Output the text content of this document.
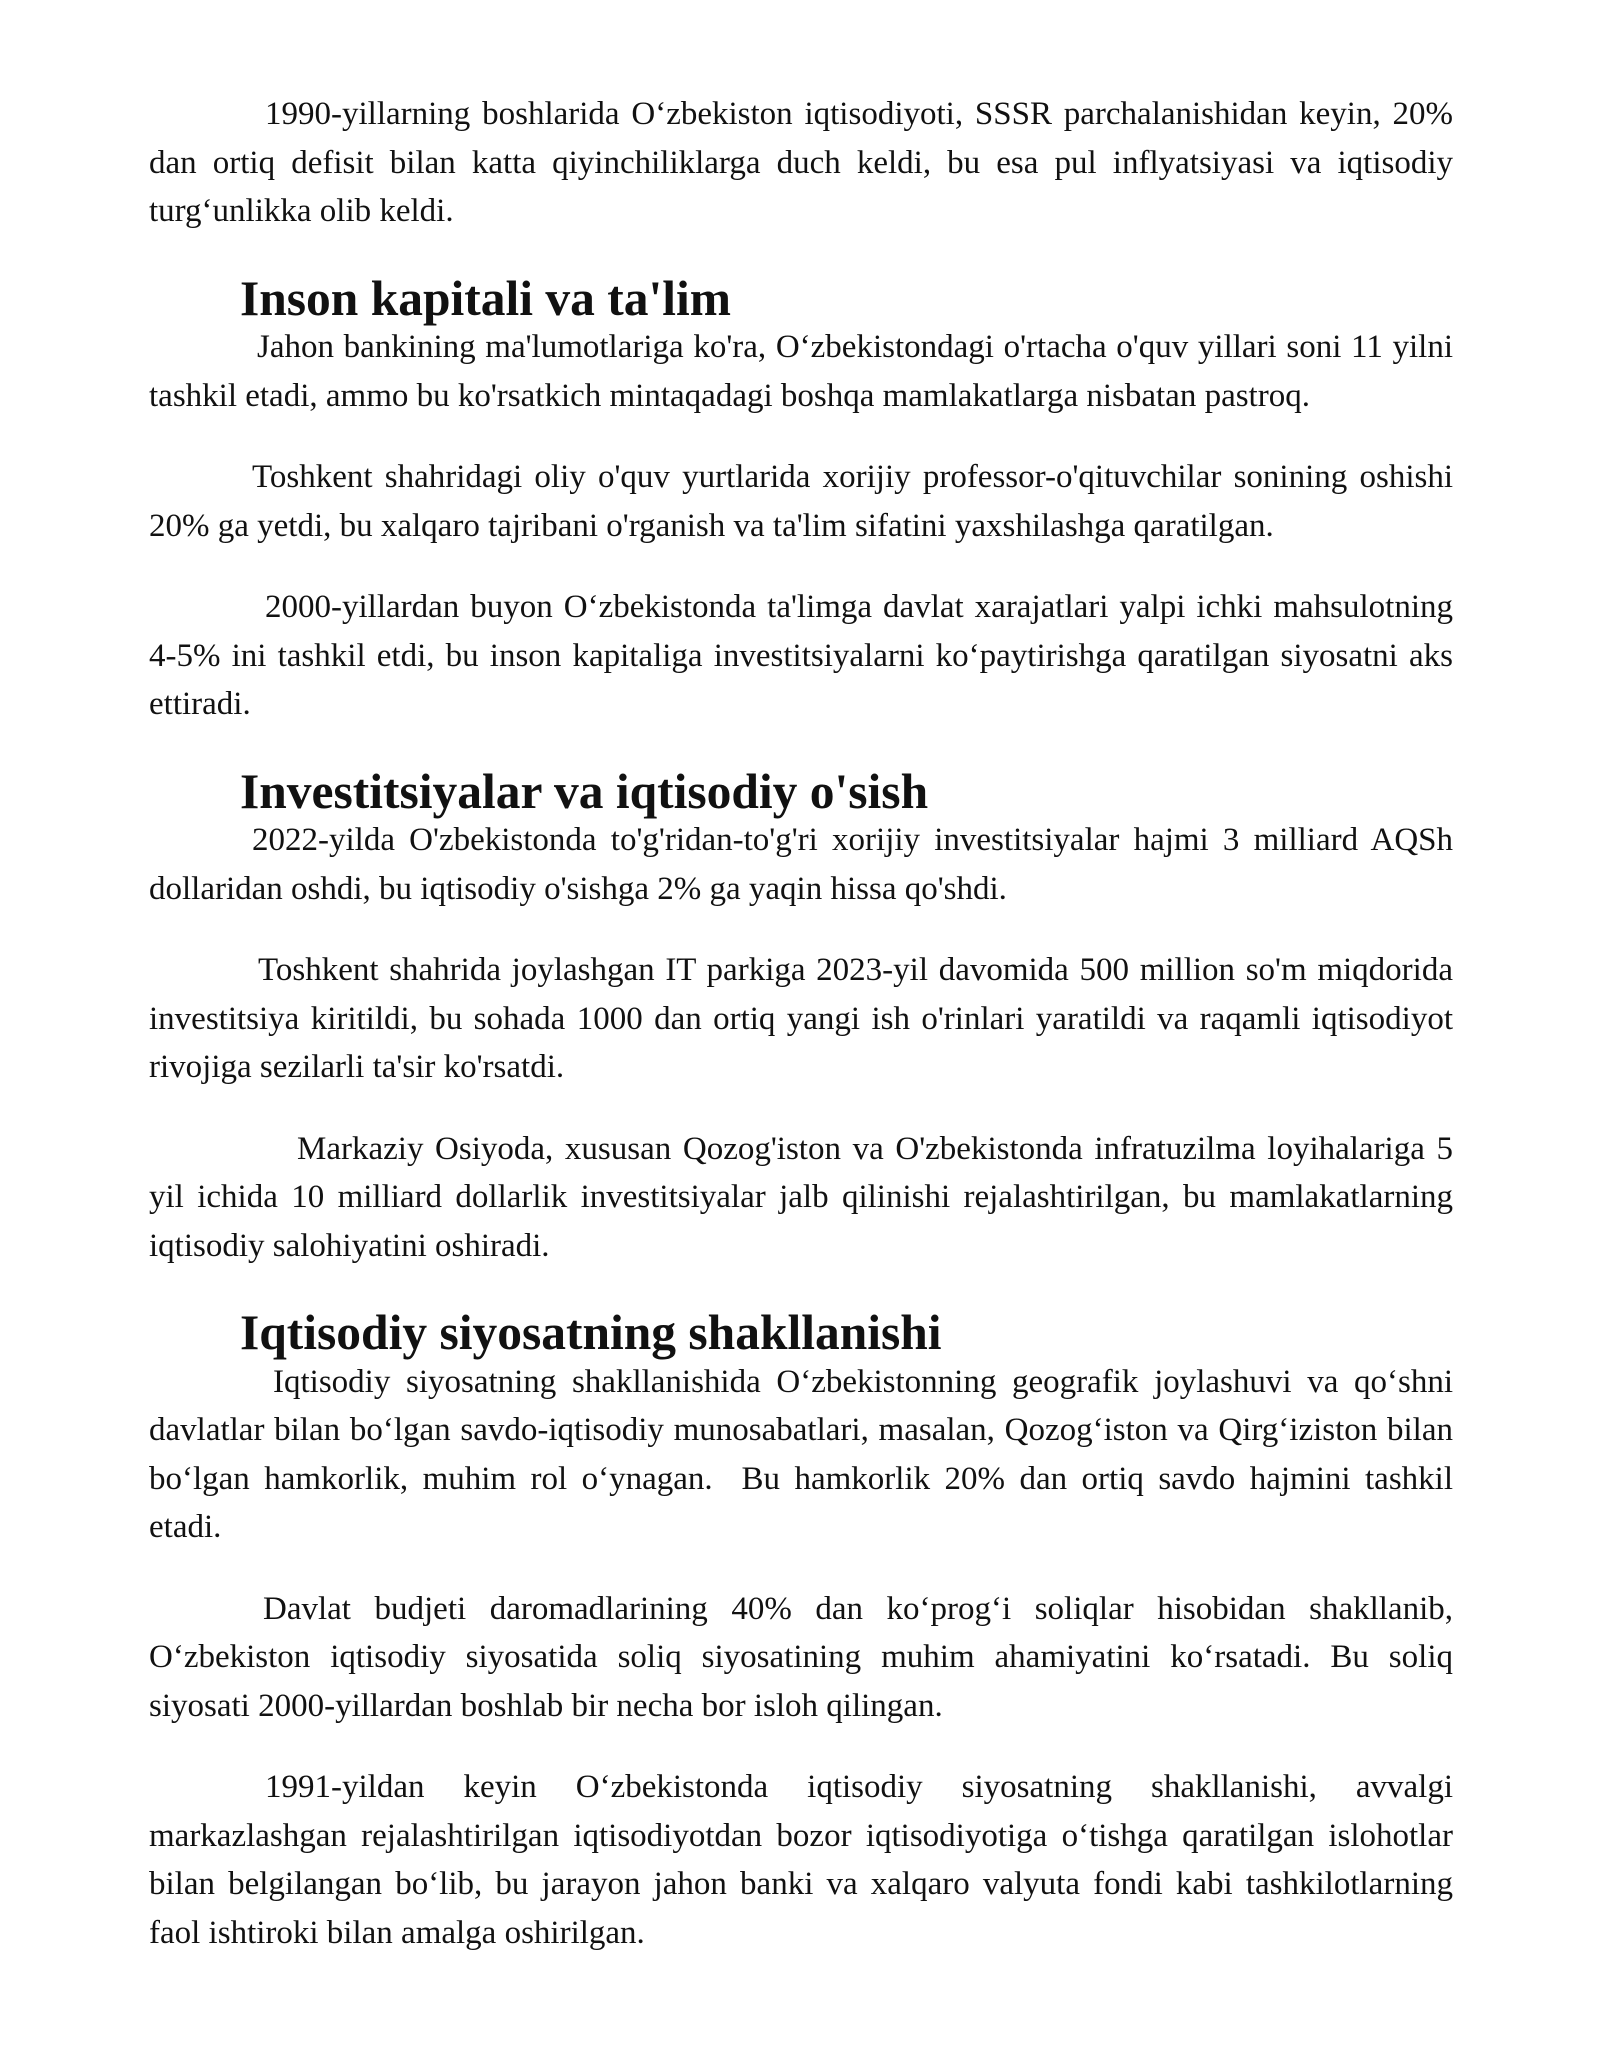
1990-yillarning boshlarida O‘zbekiston iqtisodiyoti, SSSR parchalanishidan keyin, 20% dan ortiq defisit bilan katta qiyinchiliklarga duch keldi, bu esa pul inflyatsiyasi va iqtisodiy turg‘unlikka olib keldi.

Inson kapitali va ta'lim

Jahon bankining ma'lumotlariga ko'ra, O‘zbekistondagi o'rtacha o'quv yillari soni 11 yilni tashkil etadi, ammo bu ko'rsatkich mintaqadagi boshqa mamlakatlarga nisbatan pastroq.

Toshkent shahridagi oliy o'quv yurtlarida xorijiy professor-o'qituvchilar sonining oshishi 20% ga yetdi, bu xalqaro tajribani o'rganish va ta'lim sifatini yaxshilashga qaratilgan.

2000-yillardan buyon O‘zbekistonda ta'limga davlat xarajatlari yalpi ichki mahsulotning 4-5% ini tashkil etdi, bu inson kapitaliga investitsiyalarni ko‘paytirishga qaratilgan siyosatni aks ettiradi.

Investitsiyalar va iqtisodiy o'sish

2022-yilda O'zbekistonda to'g'ridan-to'g'ri xorijiy investitsiyalar hajmi 3 milliard AQSh dollaridan oshdi, bu iqtisodiy o'sishga 2% ga yaqin hissa qo'shdi.

Toshkent shahrida joylashgan IT parkiga 2023-yil davomida 500 million so'm miqdorida investitsiya kiritildi, bu sohada 1000 dan ortiq yangi ish o'rinlari yaratildi va raqamli iqtisodiyot rivojiga sezilarli ta'sir ko'rsatdi.

Markaziy Osiyoda, xususan Qozog'iston va O'zbekistonda infratuzilma loyihalariga 5 yil ichida 10 milliard dollarlik investitsiyalar jalb qilinishi rejalashtirilgan, bu mamlakatlarning iqtisodiy salohiyatini oshiradi.

Iqtisodiy siyosatning shakllanishi

Iqtisodiy siyosatning shakllanishida O‘zbekistonning geografik joylashuvi va qo‘shni davlatlar bilan bo‘lgan savdo-iqtisodiy munosabatlari, masalan, Qozog‘iston va Qirg‘iziston bilan bo‘lgan hamkorlik, muhim rol o‘ynagan.  Bu hamkorlik 20% dan ortiq savdo hajmini tashkil etadi.

Davlat budjeti daromadlarining 40% dan ko‘prog‘i soliqlar hisobidan shakllanib, O‘zbekiston iqtisodiy siyosatida soliq siyosatining muhim ahamiyatini ko‘rsatadi. Bu soliq siyosati 2000-yillardan boshlab bir necha bor isloh qilingan.

1991-yildan keyin O‘zbekistonda iqtisodiy siyosatning shakllanishi, avvalgi markazlashgan rejalashtirilgan iqtisodiyotdan bozor iqtisodiyotiga o‘tishga qaratilgan islohotlar bilan belgilangan bo‘lib, bu jarayon jahon banki va xalqaro valyuta fondi kabi tashkilotlarning faol ishtiroki bilan amalga oshirilgan.
